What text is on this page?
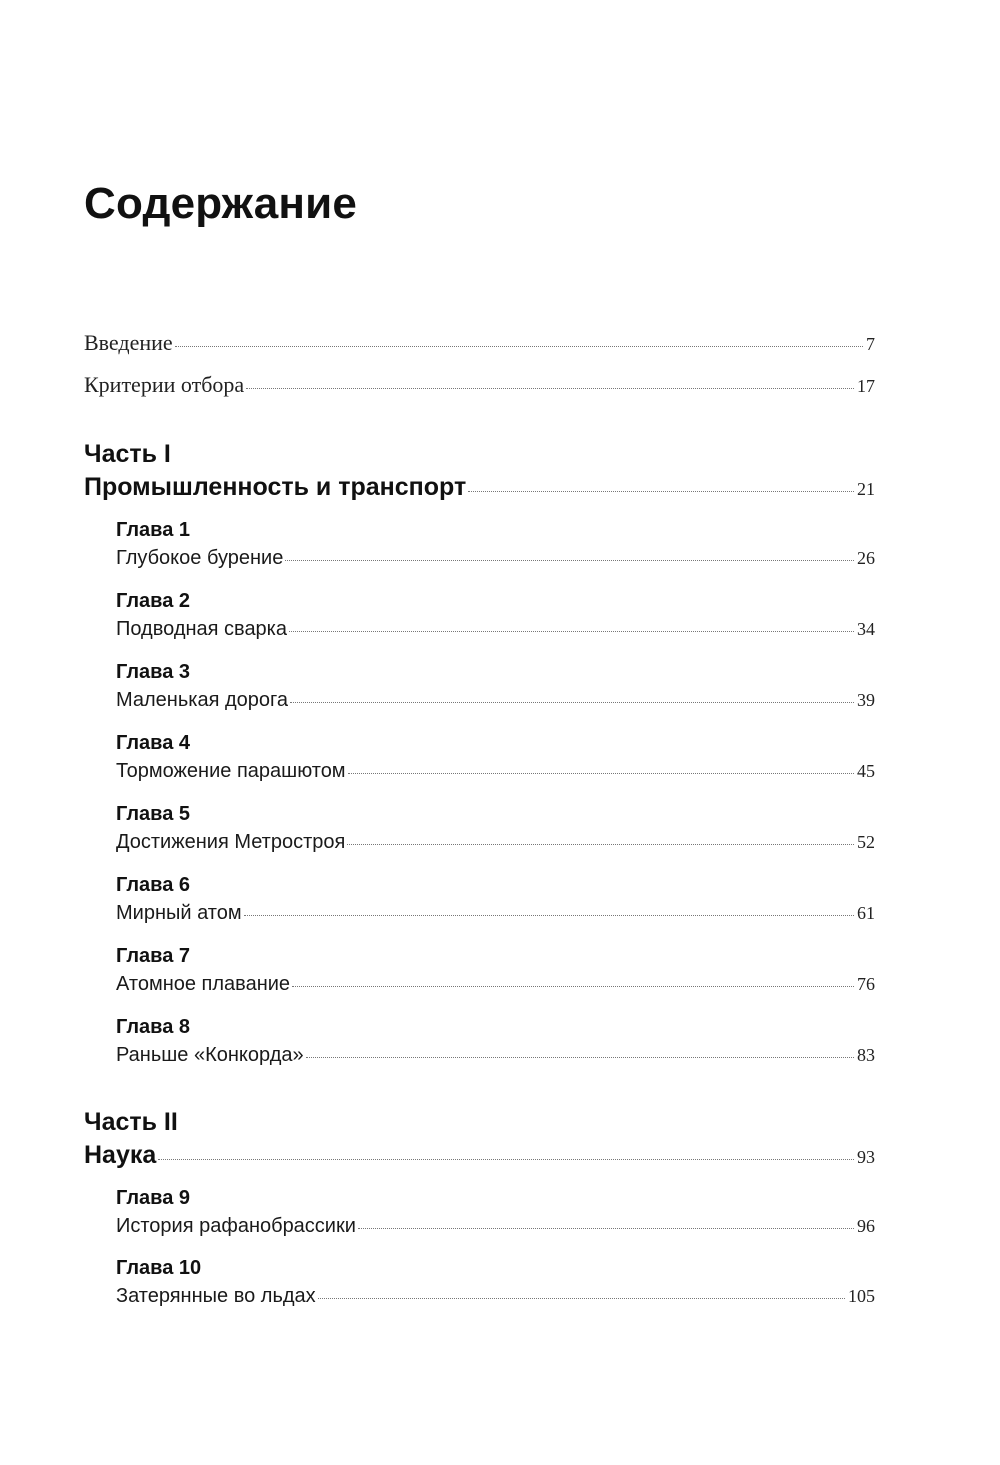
Содержание
Введение	7
Критерии отбора	17
Часть I
Промышленность и транспорт	21
Глава 1
Глубокое бурение	26
Глава 2
Подводная сварка	34
Глава 3
Маленькая дорога	39
Глава 4
Торможение парашютом	45
Глава 5
Достижения Метростроя	52
Глава 6
Мирный атом	61
Глава 7
Атомное плавание	76
Глава 8
Раньше «Конкорда»	83
Часть II
Наука	93
Глава 9
История рафанобрассики	96
Глава 10
Затерянные во льдах	105
